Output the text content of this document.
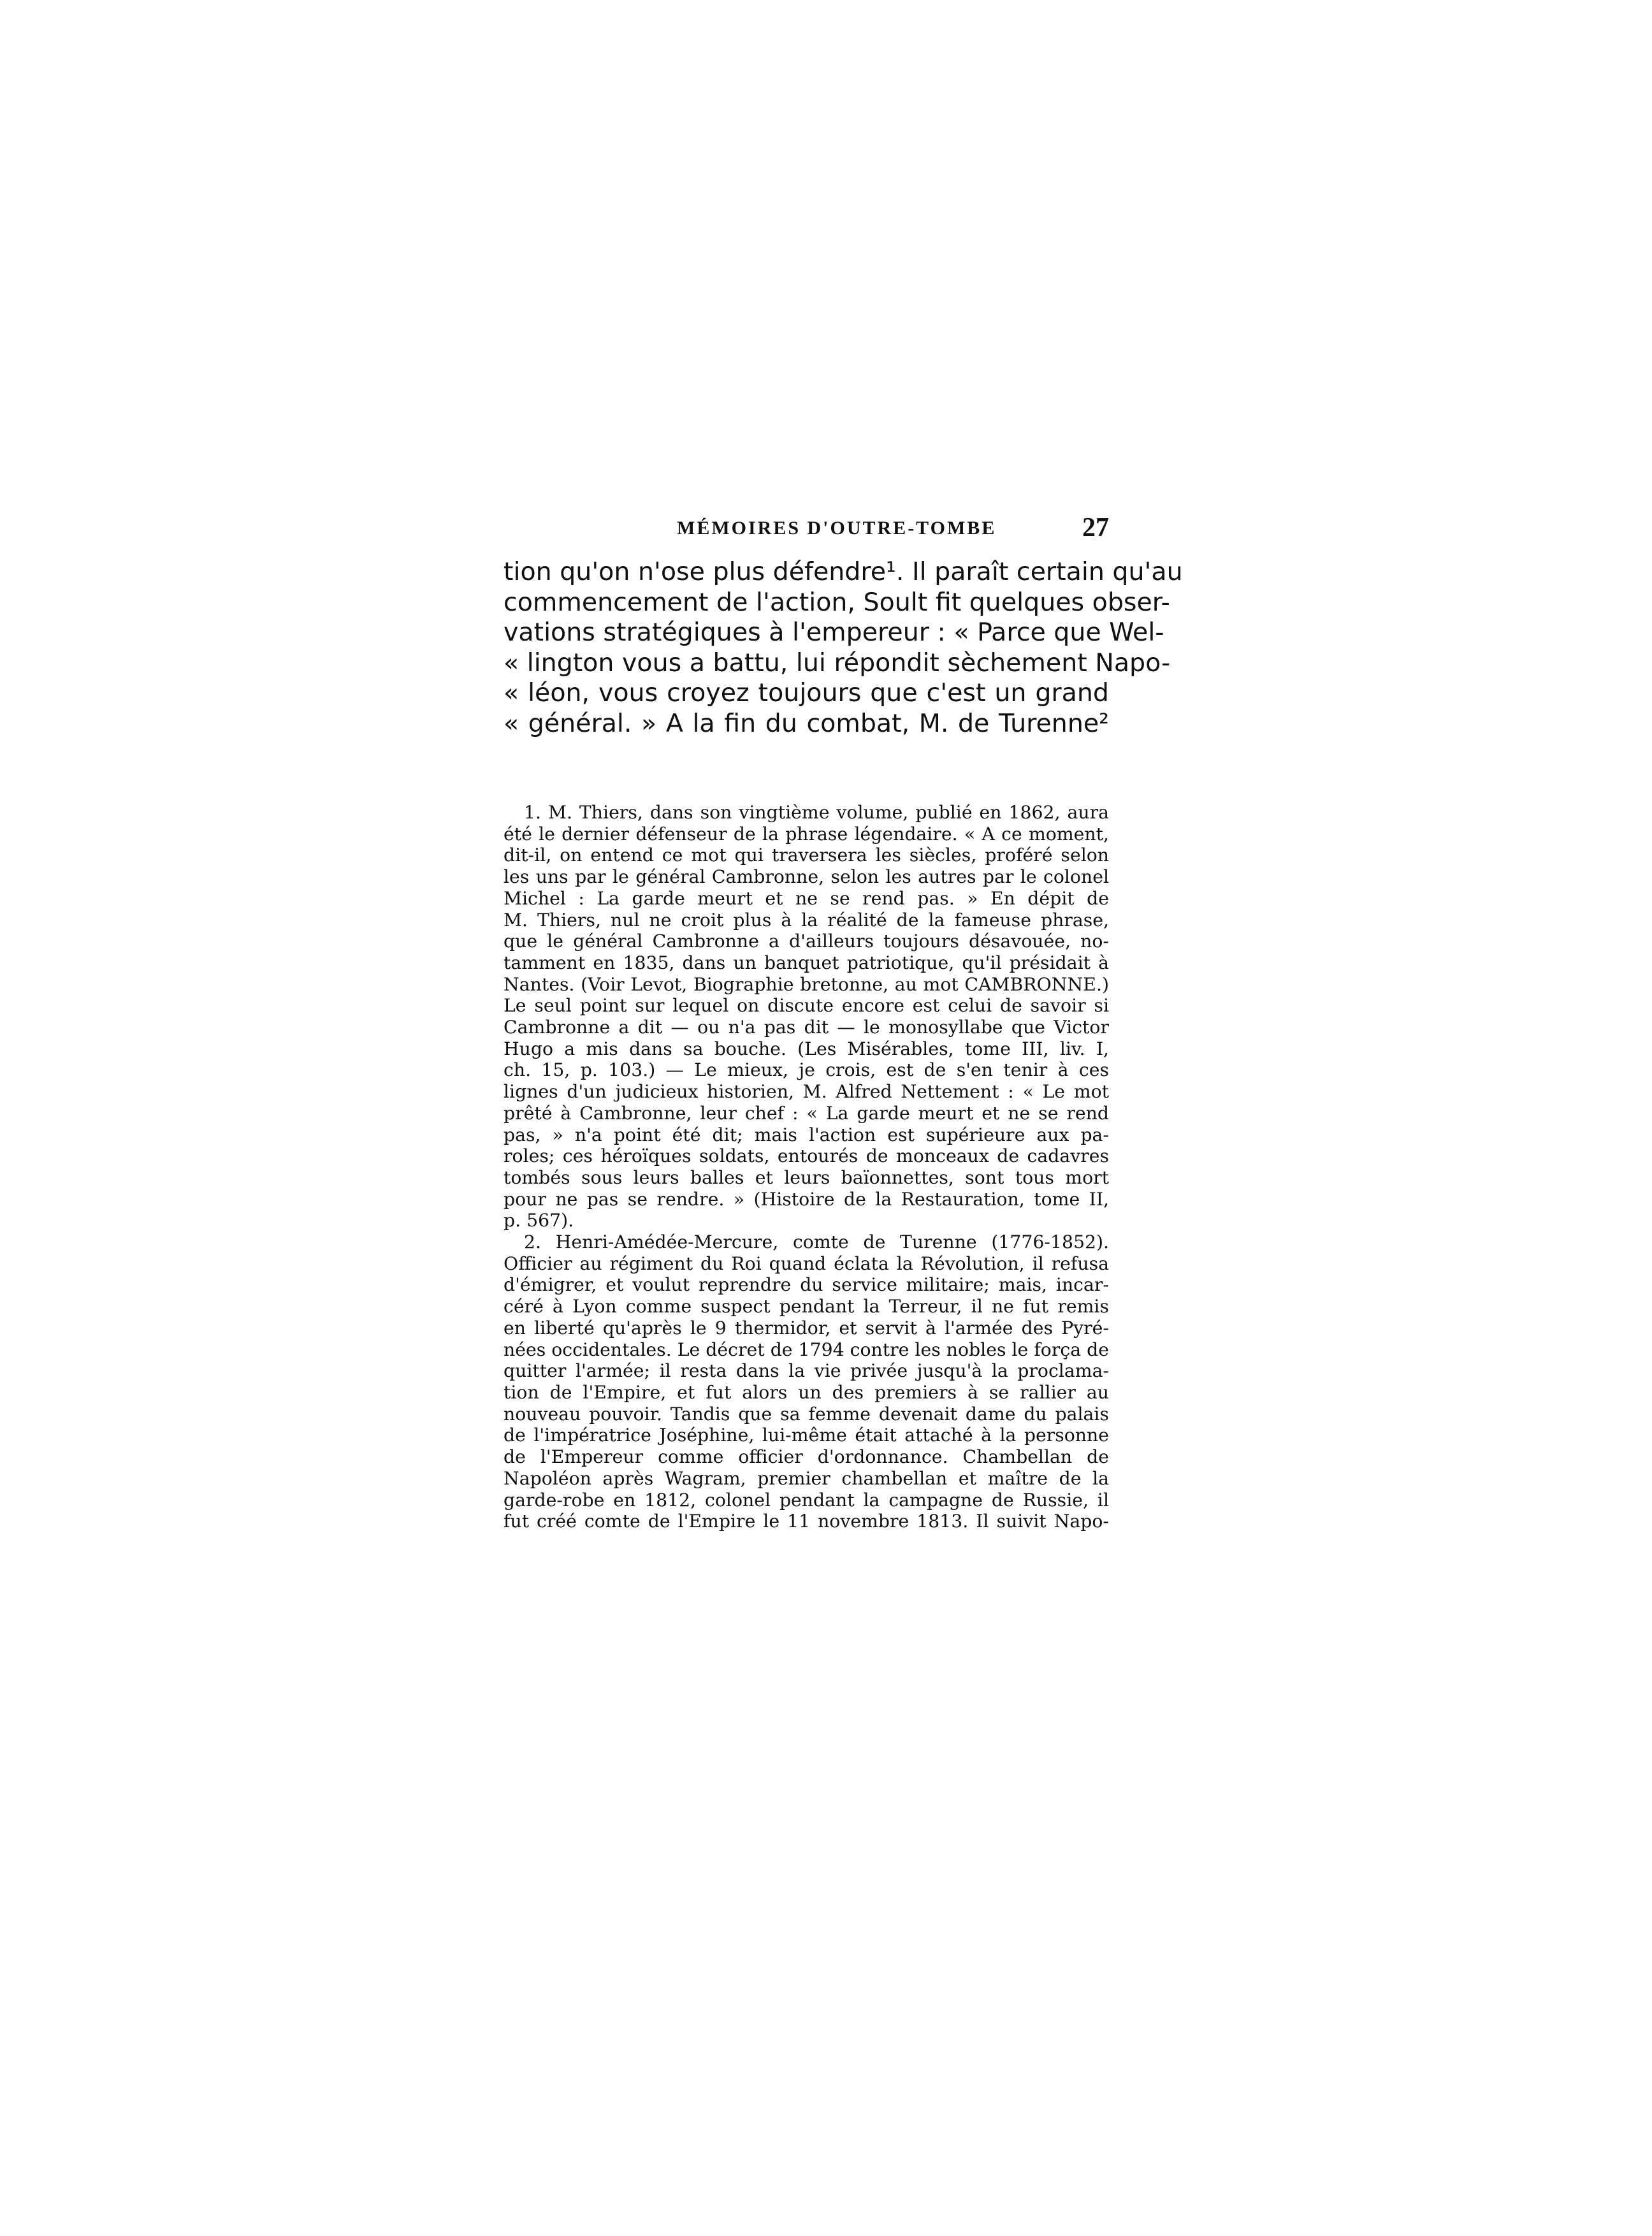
MÉMOIRES D'OUTRE-TOMBE	27
tion qu'on n'ose plus défendre¹. Il paraît certain qu'au
commencement de l'action, Soult fit quelques obser-
vations stratégiques à l'empereur : « Parce que Wel-
« lington vous a battu, lui répondit sèchement Napo-
« léon, vous croyez toujours que c'est un grand
« général. » A la fin du combat, M. de Turenne²
1. M. Thiers, dans son vingtième volume, publié en 1862, aura
été le dernier défenseur de la phrase légendaire. « A ce moment,
dit-il, on entend ce mot qui traversera les siècles, proféré selon
les uns par le général Cambronne, selon les autres par le colonel
Michel : La garde meurt et ne se rend pas. » En dépit de
M. Thiers, nul ne croit plus à la réalité de la fameuse phrase,
que le général Cambronne a d'ailleurs toujours désavouée, no-
tamment en 1835, dans un banquet patriotique, qu'il présidait à
Nantes. (Voir Levot, Biographie bretonne, au mot CAMBRONNE.)
Le seul point sur lequel on discute encore est celui de savoir si
Cambronne a dit — ou n'a pas dit — le monosyllabe que Victor
Hugo a mis dans sa bouche. (Les Misérables, tome III, liv. I,
ch. 15, p. 103.) — Le mieux, je crois, est de s'en tenir à ces
lignes d'un judicieux historien, M. Alfred Nettement : « Le mot
prêté à Cambronne, leur chef : « La garde meurt et ne se rend
pas, » n'a point été dit; mais l'action est supérieure aux pa-
roles; ces héroïques soldats, entourés de monceaux de cadavres
tombés sous leurs balles et leurs baïonnettes, sont tous mort
pour ne pas se rendre. » (Histoire de la Restauration, tome II,
p. 567).
2. Henri-Amédée-Mercure, comte de Turenne (1776-1852).
Officier au régiment du Roi quand éclata la Révolution, il refusa
d'émigrer, et voulut reprendre du service militaire; mais, incar-
céré à Lyon comme suspect pendant la Terreur, il ne fut remis
en liberté qu'après le 9 thermidor, et servit à l'armée des Pyré-
nées occidentales. Le décret de 1794 contre les nobles le força de
quitter l'armée; il resta dans la vie privée jusqu'à la proclama-
tion de l'Empire, et fut alors un des premiers à se rallier au
nouveau pouvoir. Tandis que sa femme devenait dame du palais
de l'impératrice Joséphine, lui-même était attaché à la personne
de l'Empereur comme officier d'ordonnance. Chambellan de
Napoléon après Wagram, premier chambellan et maître de la
garde-robe en 1812, colonel pendant la campagne de Russie, il
fut créé comte de l'Empire le 11 novembre 1813. Il suivit Napo-
